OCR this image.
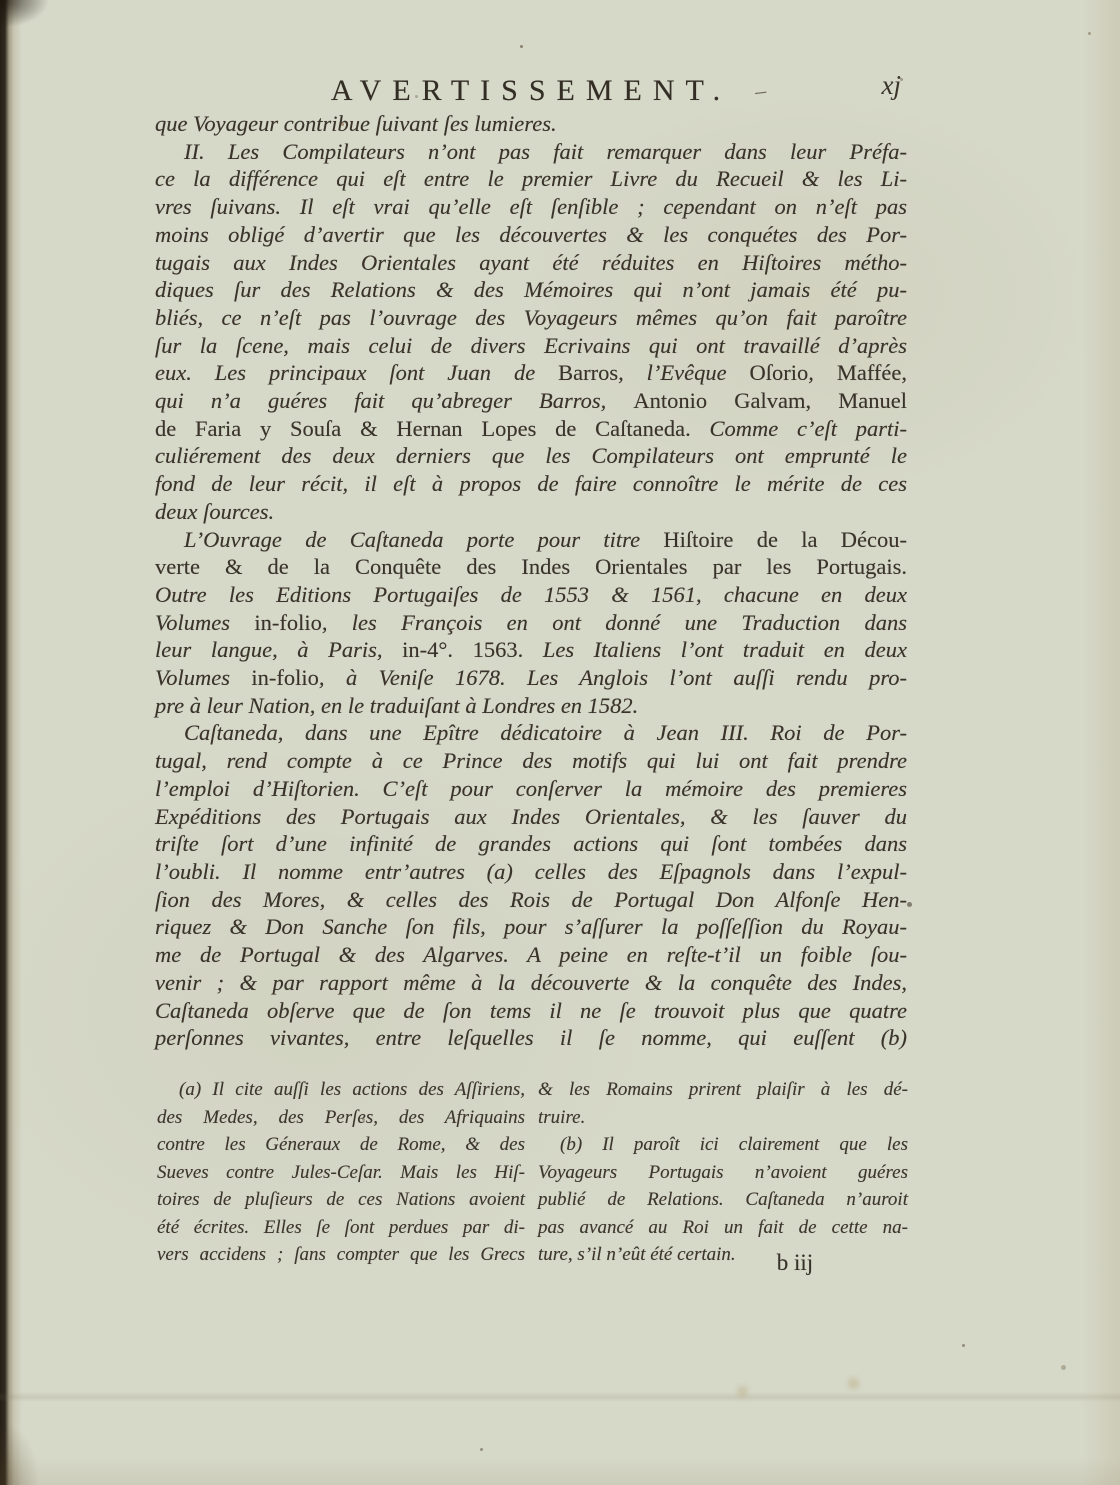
AVERTISSEMENT.	–	xj
que Voyageur contribue ſuivant ſes lumieres.
II. Les Compilateurs n’ont pas fait remarquer dans leur Préfa-
ce la différence qui eſt entre le premier Livre du Recueil & les Li-
vres ſuivans. Il eſt vrai qu’elle eſt ſenſible ; cependant on n’eſt pas
moins obligé d’avertir que les découvertes & les conquétes des Por-
tugais aux Indes Orientales ayant été réduites en Hiſtoires métho-
diques ſur des Relations & des Mémoires qui n’ont jamais été pu-
bliés, ce n’eſt pas l’ouvrage des Voyageurs mêmes qu’on fait paroître
ſur la ſcene, mais celui de divers Ecrivains qui ont travaillé d’après
eux. Les principaux ſont Juan de Barros, l’Evêque Oſorio, Maffée,
qui n’a guéres fait qu’abreger Barros, Antonio Galvam, Manuel
de Faria y Souſa & Hernan Lopes de Caſtaneda. Comme c’eſt parti-
culiérement des deux derniers que les Compilateurs ont emprunté le
fond de leur récit, il eſt à propos de faire connoître le mérite de ces
deux ſources.
L’Ouvrage de Caſtaneda porte pour titre Hiſtoire de la Décou-
verte & de la Conquête des Indes Orientales par les Portugais.
Outre les Editions Portugaiſes de 1553 & 1561, chacune en deux
Volumes in-folio, les François en ont donné une Traduction dans
leur langue, à Paris, in-4°. 1563. Les Italiens l’ont traduit en deux
Volumes in-folio, à Veniſe 1678. Les Anglois l’ont auſſi rendu pro-
pre à leur Nation, en le traduiſant à Londres en 1582.
Caſtaneda, dans une Epître dédicatoire à Jean III. Roi de Por-
tugal, rend compte à ce Prince des motifs qui lui ont fait prendre
l’emploi d’Hiſtorien. C’eſt pour conſerver la mémoire des premieres
Expéditions des Portugais aux Indes Orientales, & les ſauver du
triſte ſort d’une infinité de grandes actions qui ſont tombées dans
l’oubli. Il nomme entr’autres (a) celles des Eſpagnols dans l’expul-
ſion des Mores, & celles des Rois de Portugal Don Alfonſe Hen-
riquez & Don Sanche ſon fils, pour s’aſſurer la poſſeſſion du Royau-
me de Portugal & des Algarves. A peine en reſte-t’il un foible ſou-
venir ; & par rapport même à la découverte & la conquête des Indes,
Caſtaneda obſerve que de ſon tems il ne ſe trouvoit plus que quatre
perſonnes vivantes, entre leſquelles il ſe nomme, qui euſſent (b)
(a) Il cite auſſi les actions des Aſſiriens,
des Medes, des Perſes, des Afriquains
contre les Géneraux de Rome, & des
Sueves contre Jules-Ceſar. Mais les Hiſ-
toires de pluſieurs de ces Nations avoient
été écrites. Elles ſe ſont perdues par di-
vers accidens ; ſans compter que les Grecs
& les Romains prirent plaiſir à les dé-
truire.
(b) Il paroît ici clairement que les
Voyageurs Portugais n’avoient guéres
publié de Relations. Caſtaneda n’auroit
pas avancé au Roi un fait de cette na-
ture, s’il n’eût été certain.	b iij
